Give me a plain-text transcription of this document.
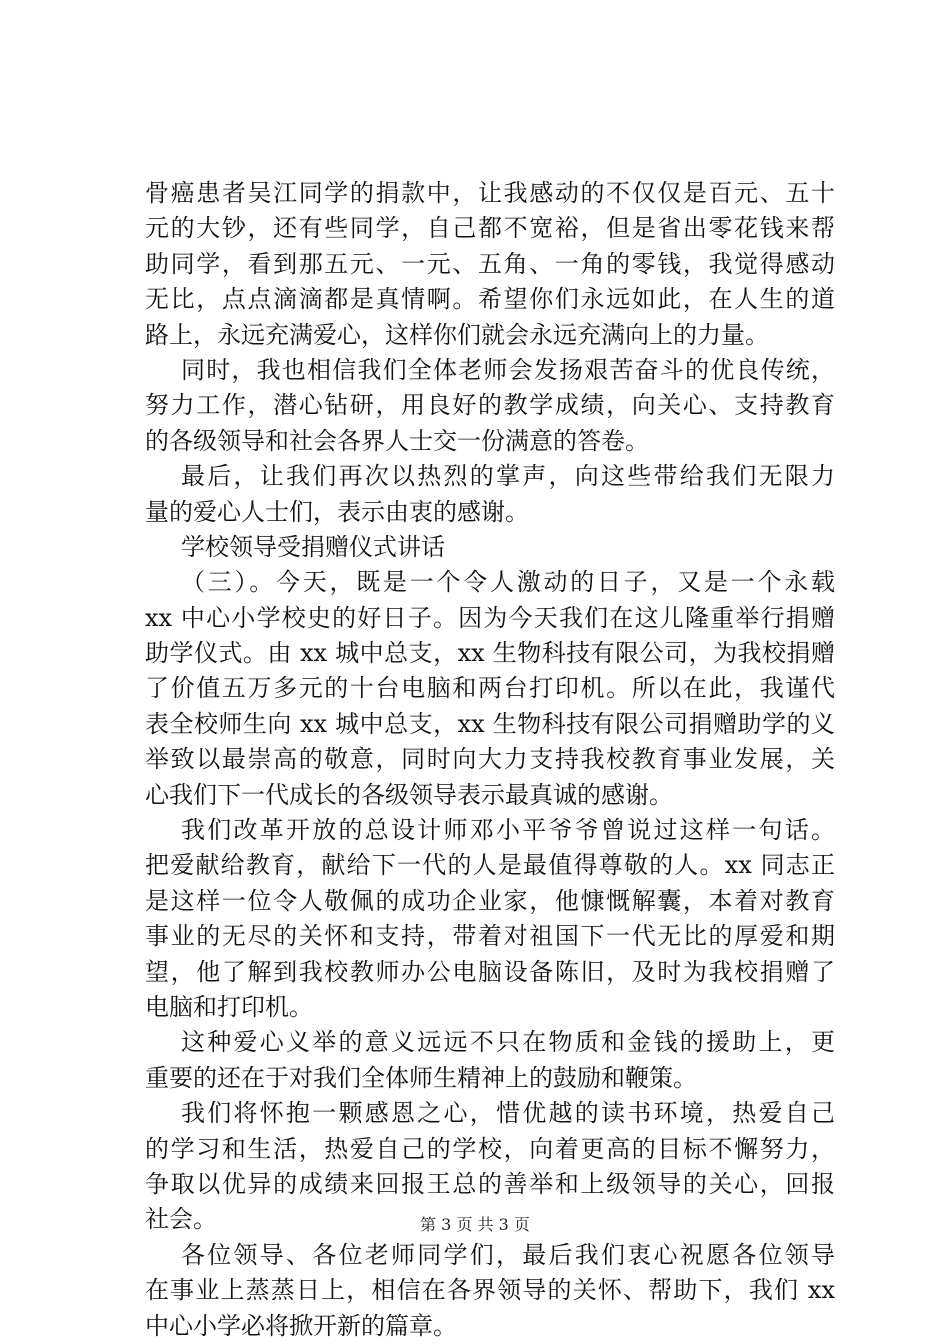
骨癌患者吴江同学的捐款中，让我感动的不仅仅是百元、五十
元的大钞，还有些同学，自己都不宽裕，但是省出零花钱来帮
助同学，看到那五元、一元、五角、一角的零钱，我觉得感动
无比，点点滴滴都是真情啊。希望你们永远如此，在人生的道
路上，永远充满爱心，这样你们就会永远充满向上的力量。
同时，我也相信我们全体老师会发扬艰苦奋斗的优良传统，
努力工作，潜心钻研，用良好的教学成绩，向关心、支持教育
的各级领导和社会各界人士交一份满意的答卷。
最后，让我们再次以热烈的掌声，向这些带给我们无限力
量的爱心人士们，表示由衷的感谢。
学校领导受捐赠仪式讲话
（三）。今天，既是一个令人激动的日子，又是一个永载
xx 中心小学校史的好日子。因为今天我们在这儿隆重举行捐赠
助学仪式。由 xx 城中总支，xx 生物科技有限公司，为我校捐赠
了价值五万多元的十台电脑和两台打印机。所以在此，我谨代
表全校师生向 xx 城中总支，xx 生物科技有限公司捐赠助学的义
举致以最崇高的敬意，同时向大力支持我校教育事业发展，关
心我们下一代成长的各级领导表示最真诚的感谢。
我们改革开放的总设计师邓小平爷爷曾说过这样一句话。
把爱献给教育，献给下一代的人是最值得尊敬的人。xx 同志正
是这样一位令人敬佩的成功企业家，他慷慨解囊，本着对教育
事业的无尽的关怀和支持，带着对祖国下一代无比的厚爱和期
望，他了解到我校教师办公电脑设备陈旧，及时为我校捐赠了
电脑和打印机。
这种爱心义举的意义远远不只在物质和金钱的援助上，更
重要的还在于对我们全体师生精神上的鼓励和鞭策。
我们将怀抱一颗感恩之心，惜优越的读书环境，热爱自己
的学习和生活，热爱自己的学校，向着更高的目标不懈努力，
争取以优异的成绩来回报王总的善举和上级领导的关心，回报
社会。
各位领导、各位老师同学们，最后我们衷心祝愿各位领导
在事业上蒸蒸日上，相信在各界领导的关怀、帮助下，我们 xx
中心小学必将掀开新的篇章。
第 3 页 共 3 页
